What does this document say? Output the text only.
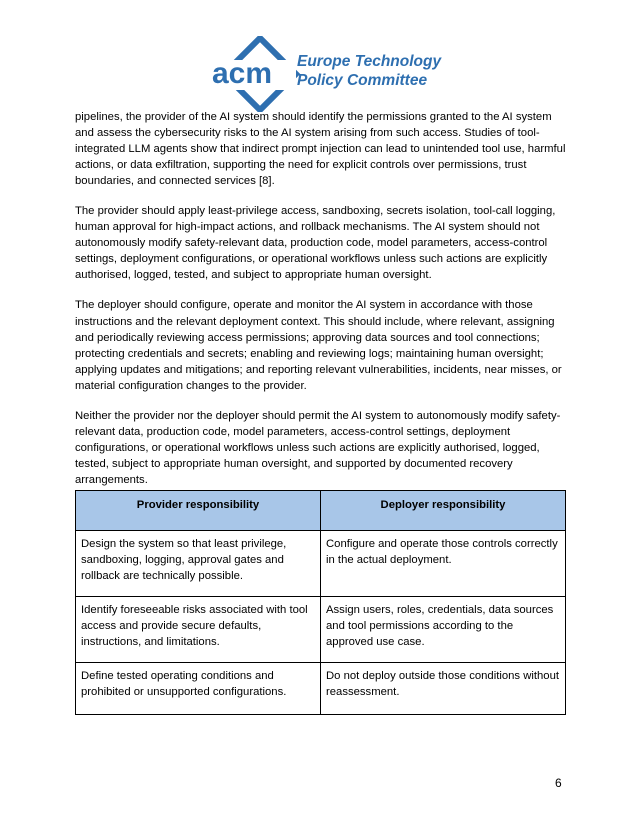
acm Europe Technology
Policy Committee

pipelines, the provider of the AI system should identify the permissions granted to the AI system and assess the cybersecurity risks to the AI system arising from such access. Studies of tool-integrated LLM agents show that indirect prompt injection can lead to unintended tool use, harmful actions, or data exfiltration, supporting the need for explicit controls over permissions, trust boundaries, and connected services [8].

The provider should apply least-privilege access, sandboxing, secrets isolation, tool-call logging, human approval for high-impact actions, and rollback mechanisms. The AI system should not autonomously modify safety-relevant data, production code, model parameters, access-control settings, deployment configurations, or operational workflows unless such actions are explicitly authorised, logged, tested, and subject to appropriate human oversight.

The deployer should configure, operate and monitor the AI system in accordance with those instructions and the relevant deployment context. This should include, where relevant, assigning and periodically reviewing access permissions; approving data sources and tool connections; protecting credentials and secrets; enabling and reviewing logs; maintaining human oversight; applying updates and mitigations; and reporting relevant vulnerabilities, incidents, near misses, or material configuration changes to the provider.

Neither the provider nor the deployer should permit the AI system to autonomously modify safety-relevant data, production code, model parameters, access-control settings, deployment configurations, or operational workflows unless such actions are explicitly authorised, logged, tested, subject to appropriate human oversight, and supported by documented recovery arrangements.

Provider responsibility	Deployer responsibility
Design the system so that least privilege, sandboxing, logging, approval gates and rollback are technically possible.	Configure and operate those controls correctly in the actual deployment.
Identify foreseeable risks associated with tool access and provide secure defaults, instructions, and limitations.	Assign users, roles, credentials, data sources and tool permissions according to the approved use case.
Define tested operating conditions and prohibited or unsupported configurations.	Do not deploy outside those conditions without reassessment.
6
